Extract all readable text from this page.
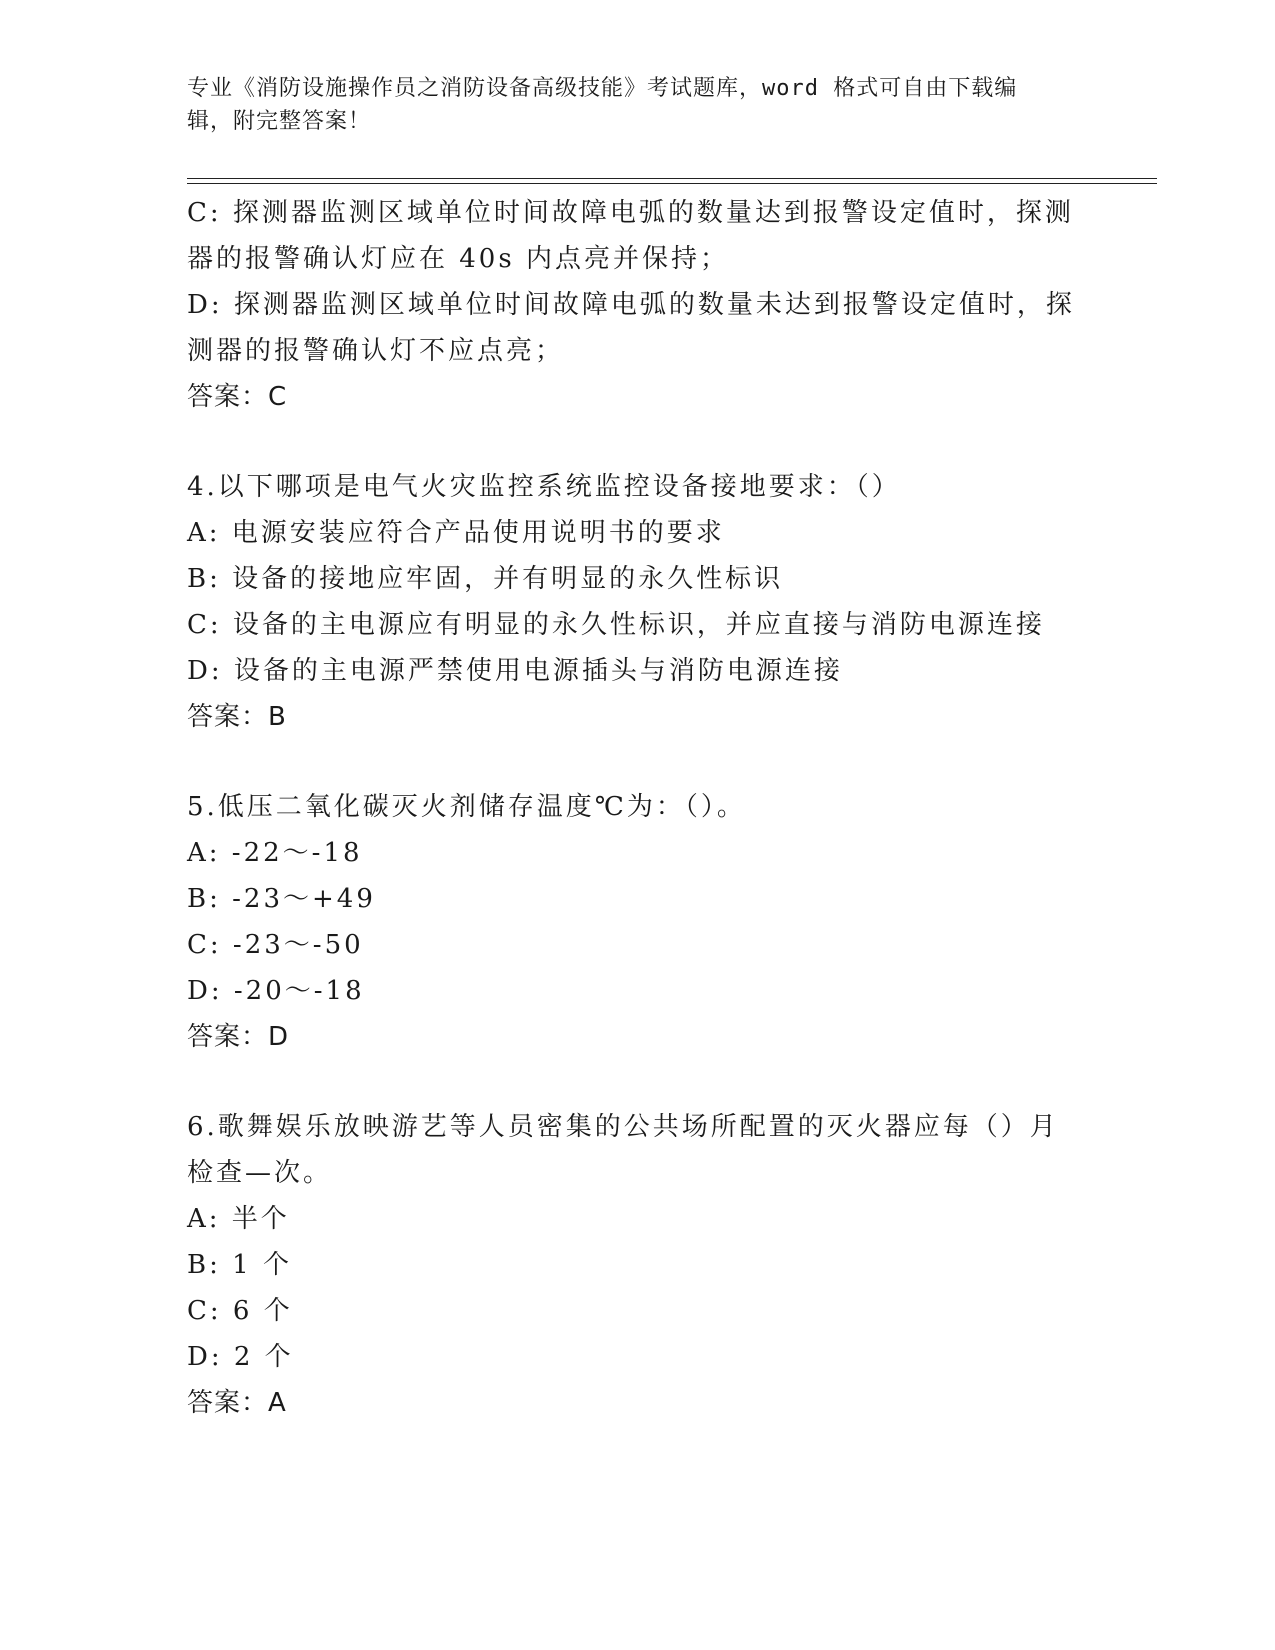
专业《消防设施操作员之消防设备高级技能》考试题库，word 格式可自由下载编
辑，附完整答案！
C: 探测器监测区域单位时间故障电弧的数量达到报警设定值时，探测
器的报警确认灯应在 40s 内点亮并保持；
D: 探测器监测区域单位时间故障电弧的数量未达到报警设定值时，探
测器的报警确认灯不应点亮；
答案：C
4.以下哪项是电气火灾监控系统监控设备接地要求：（）
A: 电源安装应符合产品使用说明书的要求
B: 设备的接地应牢固，并有明显的永久性标识
C: 设备的主电源应有明显的永久性标识，并应直接与消防电源连接
D: 设备的主电源严禁使用电源插头与消防电源连接
答案：B
5.低压二氧化碳灭火剂储存温度℃为：（）。
A: -22～-18
B: -23～+49
C: -23～-50
D: -20～-18
答案：D
6.歌舞娱乐放映游艺等人员密集的公共场所配置的灭火器应每（）月
检查—次。
A: 半个
B: 1 个
C: 6 个
D: 2 个
答案：A
